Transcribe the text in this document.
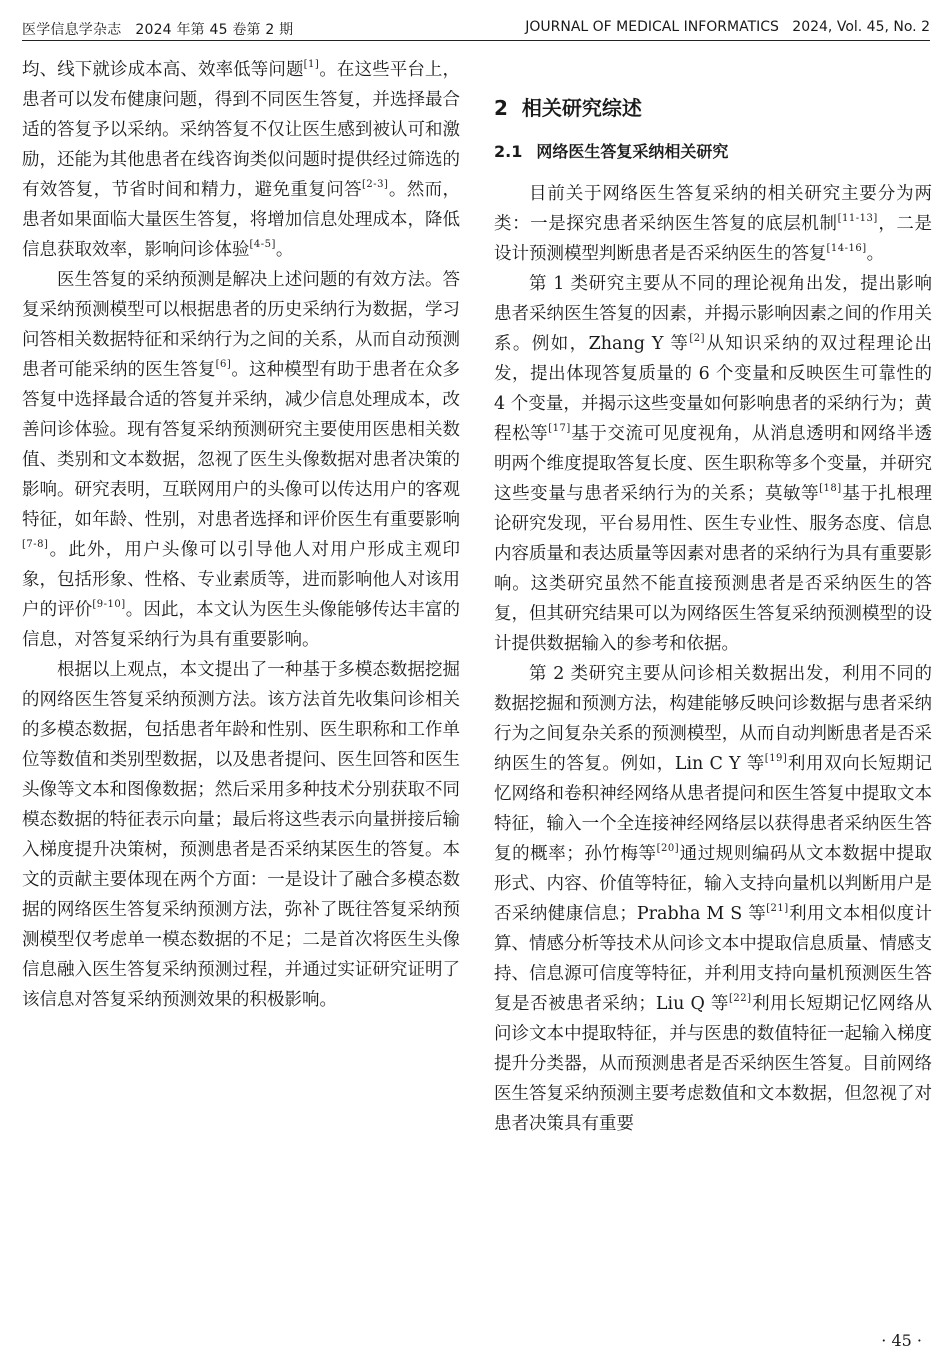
医学信息学杂志 2024 年第 45 卷第 2 期	JOURNAL OF MEDICAL INFORMATICS 2024, Vol. 45, No. 2

均、线下就诊成本高、效率低等问题[1]。在这些平台上，患者可以发布健康问题，得到不同医生答复，并选择最合适的答复予以采纳。采纳答复不仅让医生感到被认可和激励，还能为其他患者在线咨询类似问题时提供经过筛选的有效答复，节省时间和精力，避免重复问答[2-3]。然而，患者如果面临大量医生答复，将增加信息处理成本，降低信息获取效率，影响问诊体验[4-5]。

医生答复的采纳预测是解决上述问题的有效方法。答复采纳预测模型可以根据患者的历史采纳行为数据，学习问答相关数据特征和采纳行为之间的关系，从而自动预测患者可能采纳的医生答复[6]。这种模型有助于患者在众多答复中选择最合适的答复并采纳，减少信息处理成本，改善问诊体验。现有答复采纳预测研究主要使用医患相关数值、类别和文本数据，忽视了医生头像数据对患者决策的影响。研究表明，互联网用户的头像可以传达用户的客观特征，如年龄、性别，对患者选择和评价医生有重要影响[7-8]。此外，用户头像可以引导他人对用户形成主观印象，包括形象、性格、专业素质等，进而影响他人对该用户的评价[9-10]。因此，本文认为医生头像能够传达丰富的信息，对答复采纳行为具有重要影响。

根据以上观点，本文提出了一种基于多模态数据挖掘的网络医生答复采纳预测方法。该方法首先收集问诊相关的多模态数据，包括患者年龄和性别、医生职称和工作单位等数值和类别型数据，以及患者提问、医生回答和医生头像等文本和图像数据；然后采用多种技术分别获取不同模态数据的特征表示向量；最后将这些表示向量拼接后输入梯度提升决策树，预测患者是否采纳某医生的答复。本文的贡献主要体现在两个方面：一是设计了融合多模态数据的网络医生答复采纳预测方法，弥补了既往答复采纳预测模型仅考虑单一模态数据的不足；二是首次将医生头像信息融入医生答复采纳预测过程，并通过实证研究证明了该信息对答复采纳预测效果的积极影响。

2 相关研究综述
2.1 网络医生答复采纳相关研究

目前关于网络医生答复采纳的相关研究主要分为两类：一是探究患者采纳医生答复的底层机制[11-13]，二是设计预测模型判断患者是否采纳医生的答复[14-16]。

第 1 类研究主要从不同的理论视角出发，提出影响患者采纳医生答复的因素，并揭示影响因素之间的作用关系。例如，Zhang Y 等[2]从知识采纳的双过程理论出发，提出体现答复质量的 6 个变量和反映医生可靠性的 4 个变量，并揭示这些变量如何影响患者的采纳行为；黄程松等[17]基于交流可见度视角，从消息透明和网络半透明两个维度提取答复长度、医生职称等多个变量，并研究这些变量与患者采纳行为的关系；莫敏等[18]基于扎根理论研究发现，平台易用性、医生专业性、服务态度、信息内容质量和表达质量等因素对患者的采纳行为具有重要影响。这类研究虽然不能直接预测患者是否采纳医生的答复，但其研究结果可以为网络医生答复采纳预测模型的设计提供数据输入的参考和依据。

第 2 类研究主要从问诊相关数据出发，利用不同的数据挖掘和预测方法，构建能够反映问诊数据与患者采纳行为之间复杂关系的预测模型，从而自动判断患者是否采纳医生的答复。例如，Lin C Y 等[19]利用双向长短期记忆网络和卷积神经网络从患者提问和医生答复中提取文本特征，输入一个全连接神经网络层以获得患者采纳医生答复的概率；孙竹梅等[20]通过规则编码从文本数据中提取形式、内容、价值等特征，输入支持向量机以判断用户是否采纳健康信息；Prabha M S 等[21]利用文本相似度计算、情感分析等技术从问诊文本中提取信息质量、情感支持、信息源可信度等特征，并利用支持向量机预测医生答复是否被患者采纳；Liu Q 等[22]利用长短期记忆网络从问诊文本中提取特征，并与医患的数值特征一起输入梯度提升分类器，从而预测患者是否采纳医生答复。目前网络医生答复采纳预测主要考虑数值和文本数据，但忽视了对患者决策具有重要

· 45 ·
